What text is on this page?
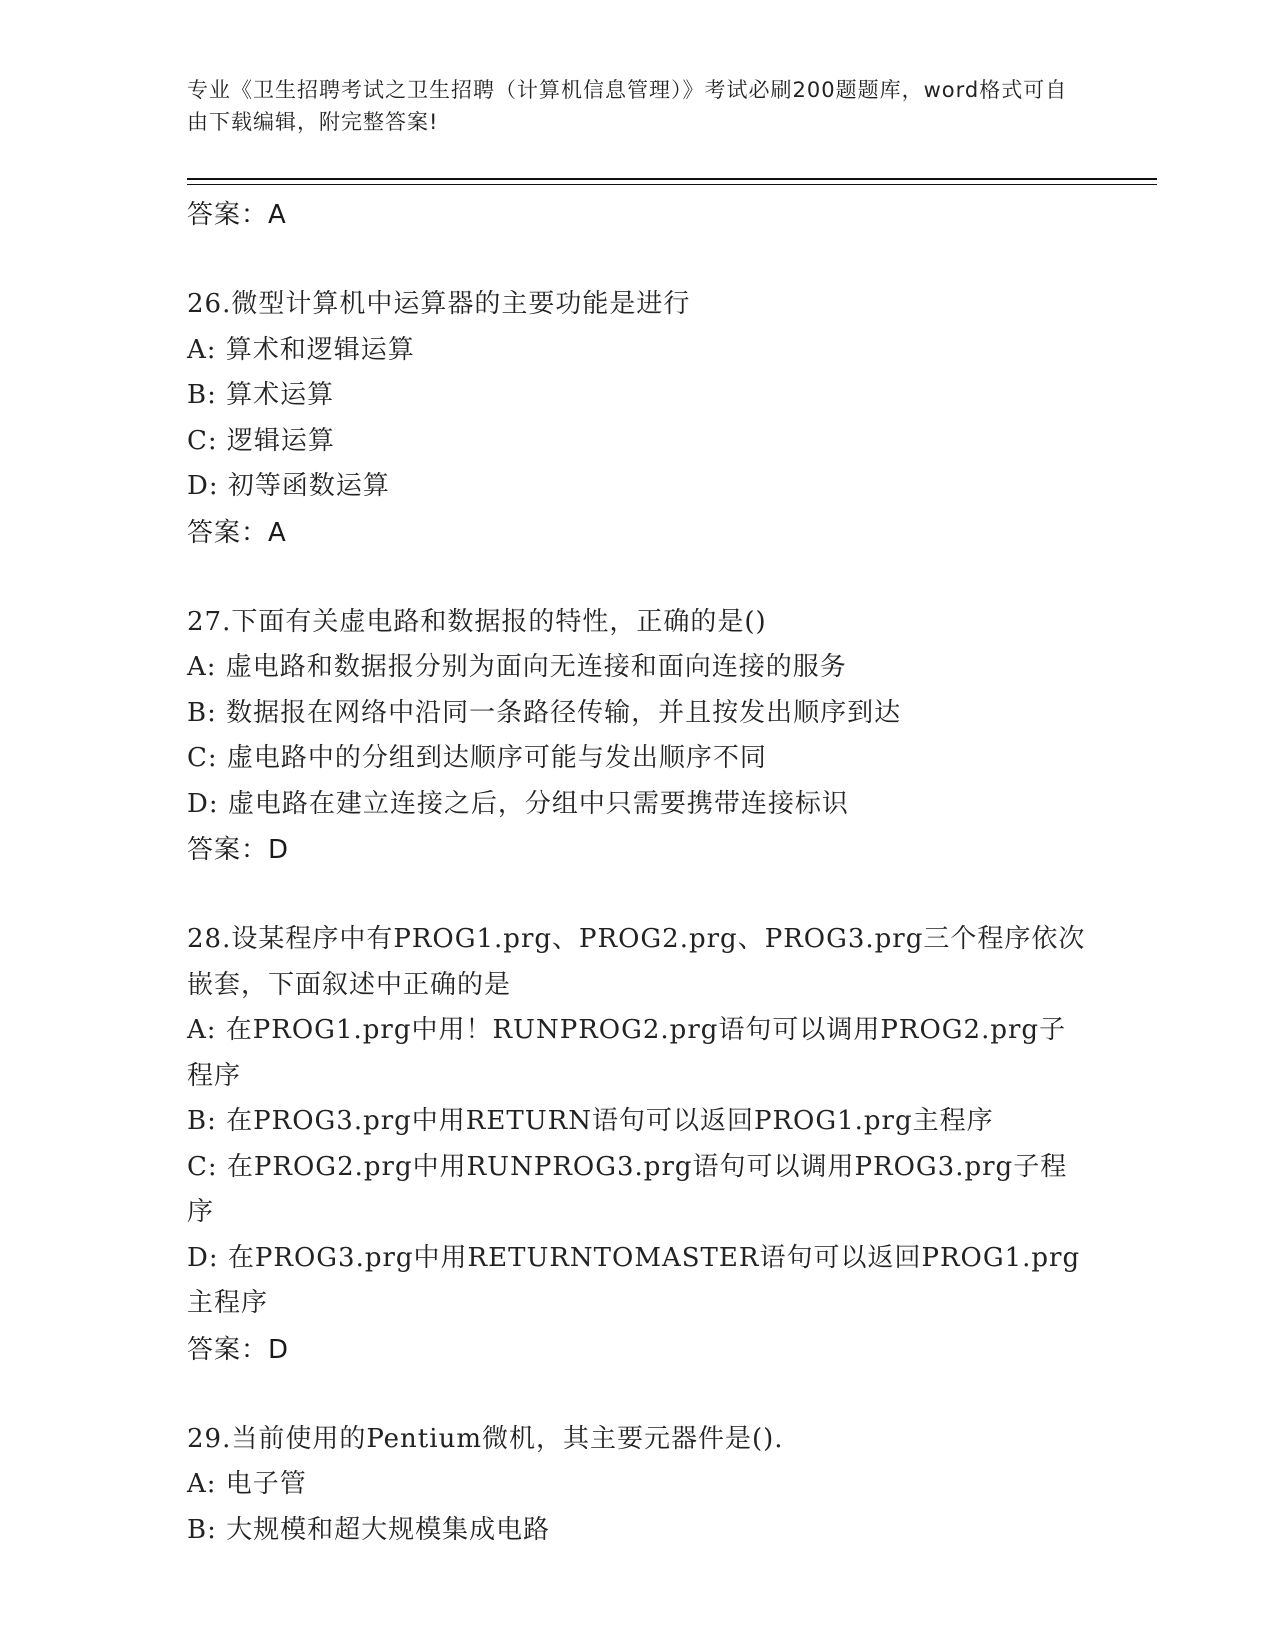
专业《卫生招聘考试之卫生招聘（计算机信息管理）》考试必刷200题题库，word格式可自由下载编辑，附完整答案!
答案：A
26.微型计算机中运算器的主要功能是进行
A: 算术和逻辑运算
B: 算术运算
C: 逻辑运算
D: 初等函数运算
答案：A
27.下面有关虚电路和数据报的特性，正确的是()
A: 虚电路和数据报分别为面向无连接和面向连接的服务
B: 数据报在网络中沿同一条路径传输，并且按发出顺序到达
C: 虚电路中的分组到达顺序可能与发出顺序不同
D: 虚电路在建立连接之后，分组中只需要携带连接标识
答案：D
28.设某程序中有PROG1.prg、PROG2.prg、PROG3.prg三个程序依次嵌套，下面叙述中正确的是
A: 在PROG1.prg中用！RUNPROG2.prg语句可以调用PROG2.prg子程序
B: 在PROG3.prg中用RETURN语句可以返回PROG1.prg主程序
C: 在PROG2.prg中用RUNPROG3.prg语句可以调用PROG3.prg子程序
D: 在PROG3.prg中用RETURNTOMASTER语句可以返回PROG1.prg主程序
答案：D
29.当前使用的Pentium微机，其主要元器件是().
A: 电子管
B: 大规模和超大规模集成电路
